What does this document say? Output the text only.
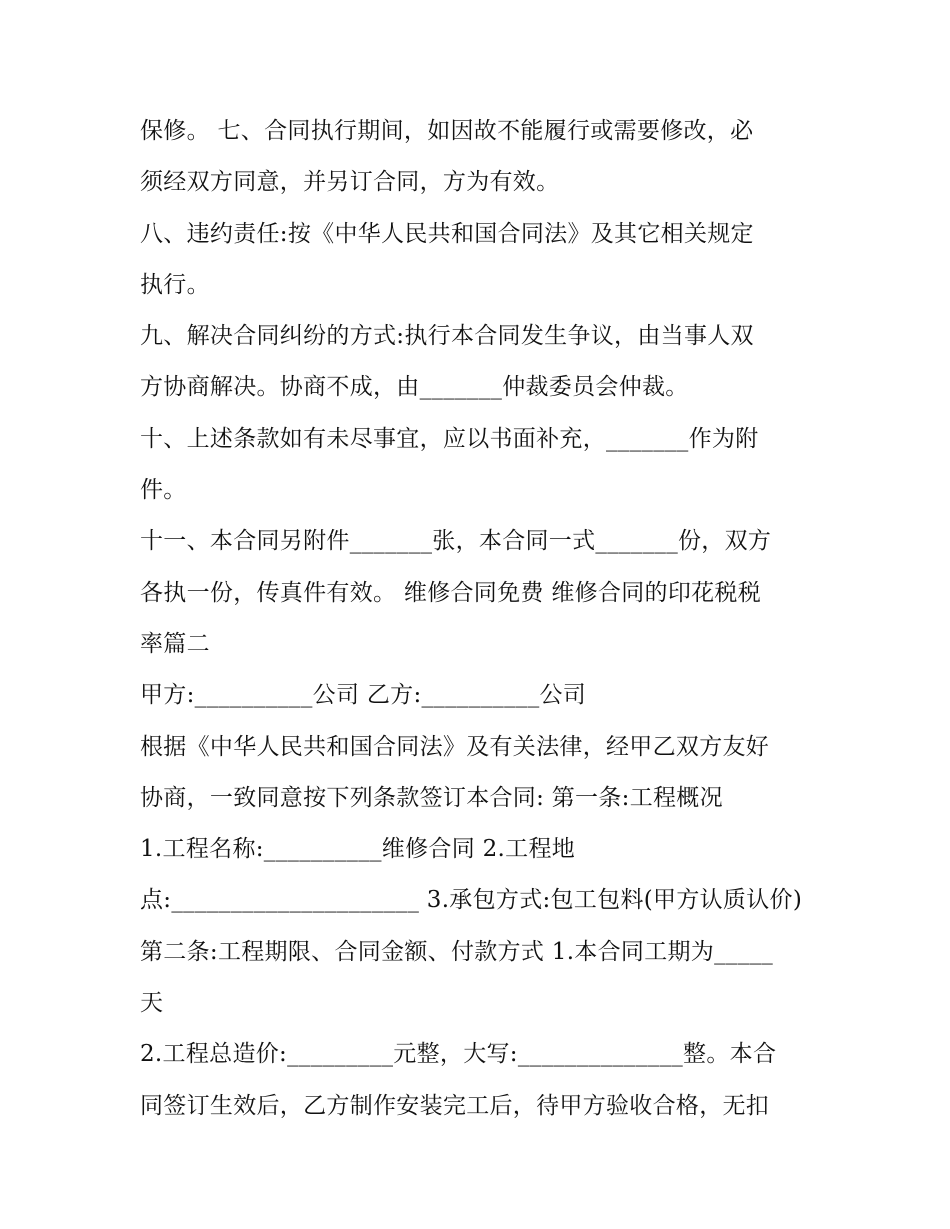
保修。 七、合同执行期间，如因故不能履行或需要修改，必
须经双方同意，并另订合同，方为有效。
八、违约责任:按《中华人民共和国合同法》及其它相关规定
执行。
九、解决合同纠纷的方式:执行本合同发生争议，由当事人双
方协商解决。协商不成，由_______仲裁委员会仲裁。
十、上述条款如有未尽事宜，应以书面补充，_______作为附
件。
十一、本合同另附件_______张，本合同一式_______份，双方
各执一份，传真件有效。 维修合同免费 维修合同的印花税税
率篇二
甲方:__________公司 乙方:__________公司
根据《中华人民共和国合同法》及有关法律，经甲乙双方友好
协商，一致同意按下列条款签订本合同: 第一条:工程概况
1.工程名称:__________维修合同 2.工程地
点:_____________________ 3.承包方式:包工包料(甲方认质认价)
第二条:工程期限、合同金额、付款方式 1.本合同工期为_____
天
2.工程总造价:_________元整，大写:______________整。本合
同签订生效后，乙方制作安装完工后，待甲方验收合格，无扣
